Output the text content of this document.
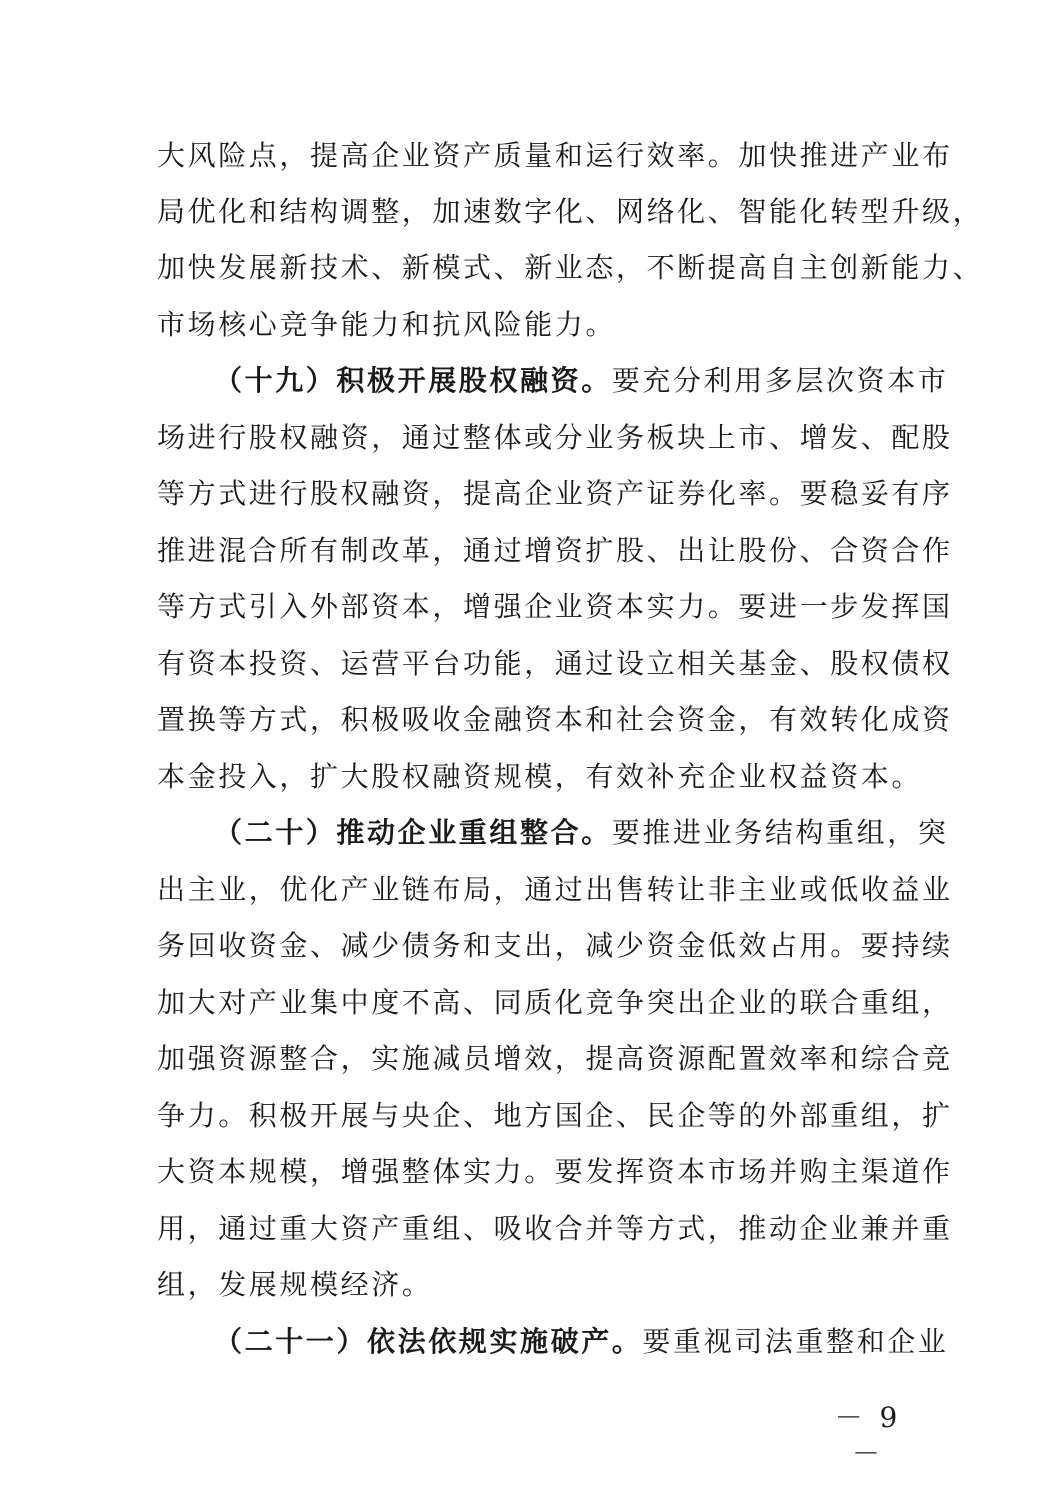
大风险点，提高企业资产质量和运行效率。加快推进产业布
局优化和结构调整，加速数字化、网络化、智能化转型升级，
加快发展新技术、新模式、新业态，不断提高自主创新能力、
市场核心竞争能力和抗风险能力。
（十九）积极开展股权融资。要充分利用多层次资本市
场进行股权融资，通过整体或分业务板块上市、增发、配股
等方式进行股权融资，提高企业资产证券化率。要稳妥有序
推进混合所有制改革，通过增资扩股、出让股份、合资合作
等方式引入外部资本，增强企业资本实力。要进一步发挥国
有资本投资、运营平台功能，通过设立相关基金、股权债权
置换等方式，积极吸收金融资本和社会资金，有效转化成资
本金投入，扩大股权融资规模，有效补充企业权益资本。
（二十）推动企业重组整合。要推进业务结构重组，突
出主业，优化产业链布局，通过出售转让非主业或低收益业
务回收资金、减少债务和支出，减少资金低效占用。要持续
加大对产业集中度不高、同质化竞争突出企业的联合重组，
加强资源整合，实施减员增效，提高资源配置效率和综合竞
争力。积极开展与央企、地方国企、民企等的外部重组，扩
大资本规模，增强整体实力。要发挥资本市场并购主渠道作
用，通过重大资产重组、吸收合并等方式，推动企业兼并重
组，发展规模经济。
（二十一）依法依规实施破产。要重视司法重整和企业
－ 9 －
